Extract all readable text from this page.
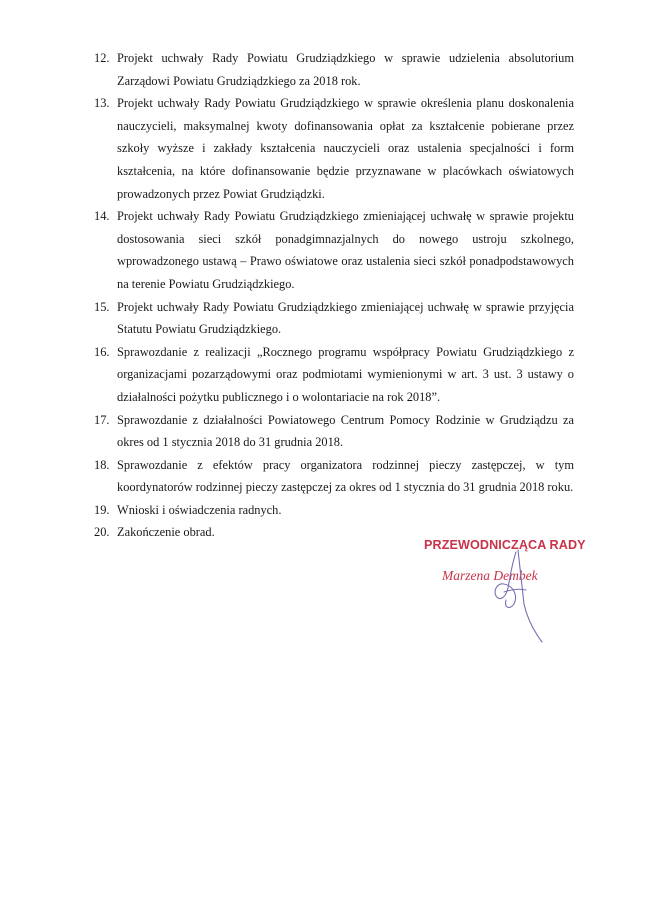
12. Projekt uchwały Rady Powiatu Grudziądzkiego w sprawie udzielenia absolutorium Zarządowi Powiatu Grudziądzkiego za 2018 rok.
13. Projekt uchwały Rady Powiatu Grudziądzkiego w sprawie określenia planu doskonalenia nauczycieli, maksymalnej kwoty dofinansowania opłat za kształcenie pobierane przez szkoły wyższe i zakłady kształcenia nauczycieli oraz ustalenia specjalności i form kształcenia, na które dofinansowanie będzie przyznawane w placówkach oświatowych prowadzonych przez Powiat Grudziądzki.
14. Projekt uchwały Rady Powiatu Grudziądzkiego zmieniającej uchwałę w sprawie projektu dostosowania sieci szkół ponadgimnazjalnych do nowego ustroju szkolnego, wprowadzonego ustawą – Prawo oświatowe oraz ustalenia sieci szkół ponadpodstawowych na terenie Powiatu Grudziądzkiego.
15. Projekt uchwały Rady Powiatu Grudziądzkiego zmieniającej uchwałę w sprawie przyjęcia Statutu Powiatu Grudziądzkiego.
16. Sprawozdanie z realizacji „Rocznego programu współpracy Powiatu Grudziądzkiego z organizacjami pozarządowymi oraz podmiotami wymienionymi w art. 3 ust. 3 ustawy o działalności pożytku publicznego i o wolontariacie na rok 2018”.
17. Sprawozdanie z działalności Powiatowego Centrum Pomocy Rodzinie w Grudziądzu za okres od 1 stycznia 2018 do 31 grudnia 2018.
18. Sprawozdanie z efektów pracy organizatora rodzinnej pieczy zastępczej, w tym koordynatorów rodzinnej pieczy zastępczej za okres od 1 stycznia do 31 grudnia 2018 roku.
19. Wnioski i oświadczenia radnych.
20. Zakończenie obrad.
PRZEWODNICZĄCA RADY
Marzena Dembek
